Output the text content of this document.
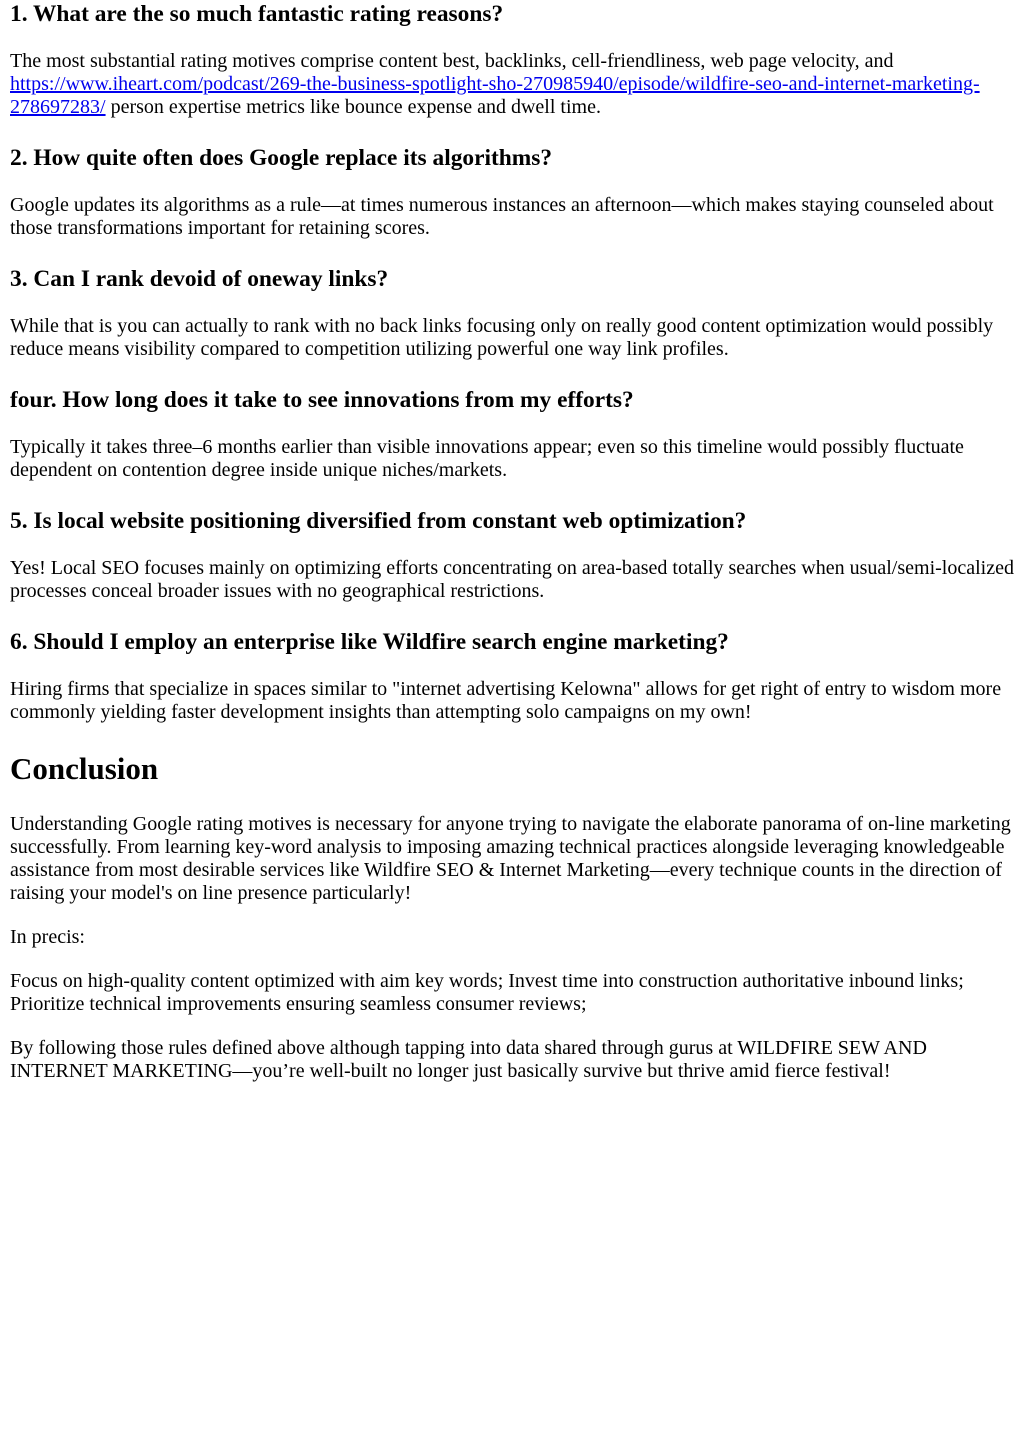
1. What are the so much fantastic rating reasons?

The most substantial rating motives comprise content best, backlinks, cell-friendliness, web page velocity, and https://www.iheart.com/podcast/269-the-business-spotlight-sho-270985940/episode/wildfire-seo-and-internet-marketing-278697283/ person expertise metrics like bounce expense and dwell time.

2. How quite often does Google replace its algorithms?

Google updates its algorithms as a rule—at times numerous instances an afternoon—which makes staying counseled about those transformations important for retaining scores.

3. Can I rank devoid of oneway links?

While that is you can actually to rank with no back links focusing only on really good content optimization would possibly reduce means visibility compared to competition utilizing powerful one way link profiles.

four. How long does it take to see innovations from my efforts?

Typically it takes three–6 months earlier than visible innovations appear; even so this timeline would possibly fluctuate dependent on contention degree inside unique niches/markets.

5. Is local website positioning diversified from constant web optimization?

Yes! Local SEO focuses mainly on optimizing efforts concentrating on area-based totally searches when usual/semi-localized processes conceal broader issues with no geographical restrictions.

6. Should I employ an enterprise like Wildfire search engine marketing?

Hiring firms that specialize in spaces similar to "internet advertising Kelowna" allows for get right of entry to wisdom more commonly yielding faster development insights than attempting solo campaigns on my own!

Conclusion

Understanding Google rating motives is necessary for anyone trying to navigate the elaborate panorama of on-line marketing successfully. From learning key-word analysis to imposing amazing technical practices alongside leveraging knowledgeable assistance from most desirable services like Wildfire SEO & Internet Marketing—every technique counts in the direction of raising your model's on line presence particularly!

In precis:

Focus on high-quality content optimized with aim key words; Invest time into construction authoritative inbound links; Prioritize technical improvements ensuring seamless consumer reviews;

By following those rules defined above although tapping into data shared through gurus at WILDFIRE SEW AND INTERNET MARKETING—you’re well-built no longer just basically survive but thrive amid fierce festival!
